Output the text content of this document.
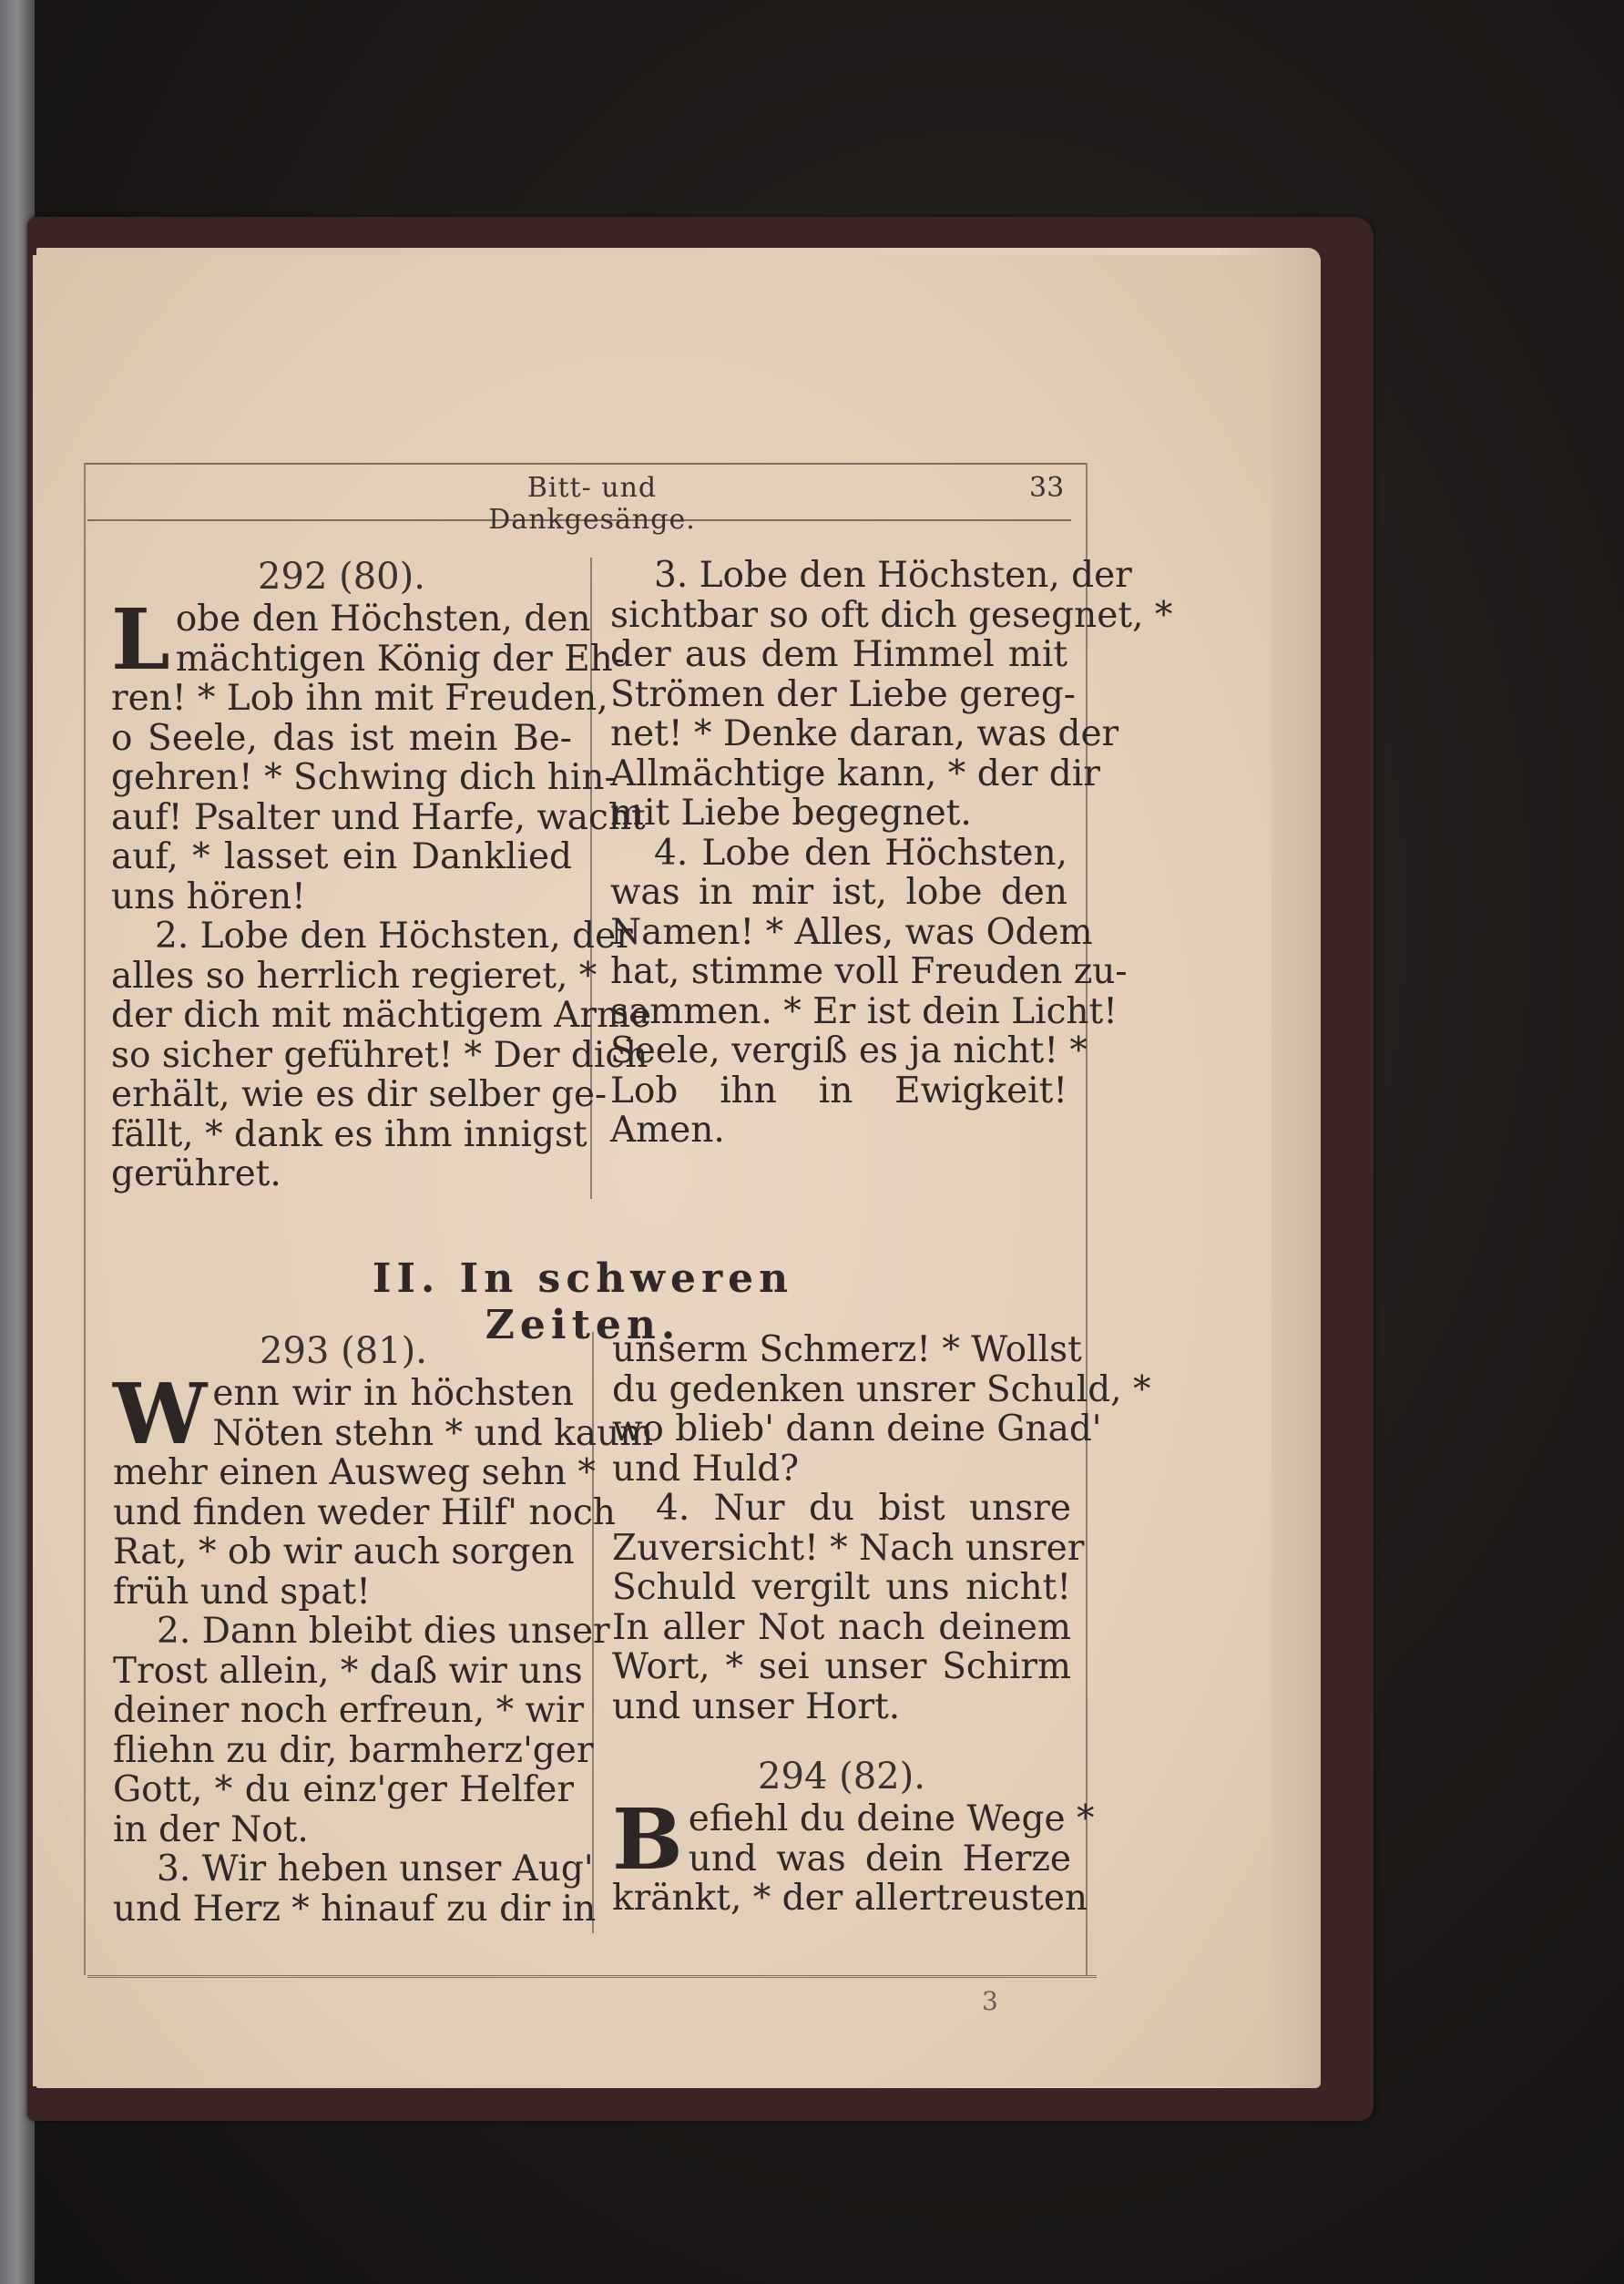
Bitt- und Dankgesänge.
33
292 (80).
L obe den Höchsten, den
mächtigen König der Eh-
ren! * Lob ihn mit Freuden,
o Seele, das ist mein Be-
gehren! * Schwing dich hin-
auf! Psalter und Harfe, wacht
auf, * lasset ein Danklied
uns hören!
2. Lobe den Höchsten, der
alles so herrlich regieret, *
der dich mit mächtigem Arme
so sicher geführet! * Der dich
erhält, wie es dir selber ge-
fällt, * dank es ihm innigst
gerühret.
3. Lobe den Höchsten, der
sichtbar so oft dich gesegnet, *
der aus dem Himmel mit
Strömen der Liebe gereg-
net! * Denke daran, was der
Allmächtige kann, * der dir
mit Liebe begegnet.
4. Lobe den Höchsten,
was in mir ist, lobe den
Namen! * Alles, was Odem
hat, stimme voll Freuden zu-
sammen. * Er ist dein Licht!
Seele, vergiß es ja nicht! *
Lob ihn in Ewigkeit!
Amen.
II. In schweren Zeiten.
293 (81).
W enn wir in höchsten
Nöten stehn * und kaum
mehr einen Ausweg sehn *
und finden weder Hilf' noch
Rat, * ob wir auch sorgen
früh und spat!
2. Dann bleibt dies unser
Trost allein, * daß wir uns
deiner noch erfreun, * wir
fliehn zu dir, barmherz'ger
Gott, * du einz'ger Helfer
in der Not.
3. Wir heben unser Aug'
und Herz * hinauf zu dir in
unserm Schmerz! * Wollst
du gedenken unsrer Schuld, *
wo blieb' dann deine Gnad'
und Huld?
4. Nur du bist unsre
Zuversicht! * Nach unsrer
Schuld vergilt uns nicht!
In aller Not nach deinem
Wort, * sei unser Schirm
und unser Hort.
294 (82).
B efiehl du deine Wege *
und was dein Herze
kränkt, * der allertreusten
3
